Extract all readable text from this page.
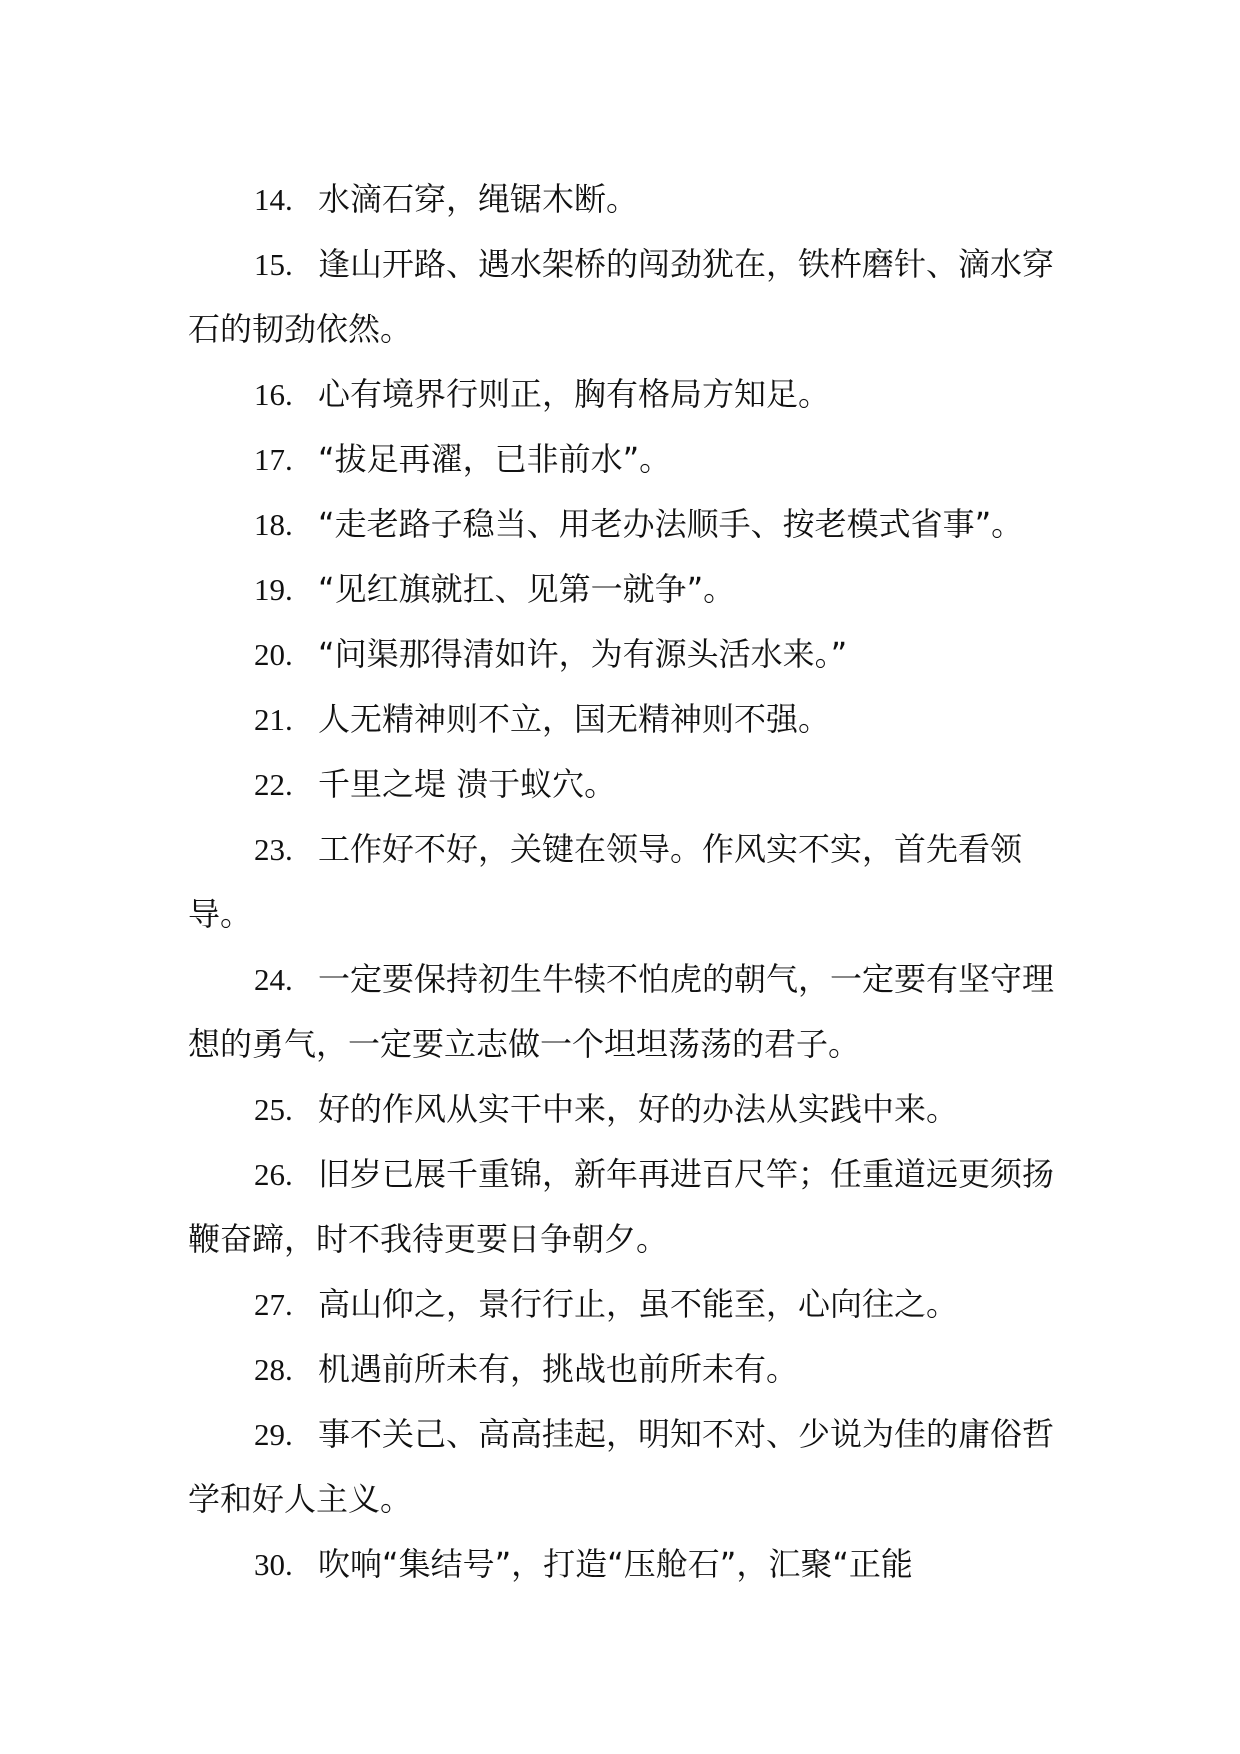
14. 水滴石穿，绳锯木断。

15. 逢山开路、遇水架桥的闯劲犹在，铁杵磨针、滴水穿石的韧劲依然。

16. 心有境界行则正，胸有格局方知足。

17. “拔足再濯，已非前水”。

18. “走老路子稳当、用老办法顺手、按老模式省事”。

19. “见红旗就扛、见第一就争”。

20. “问渠那得清如许，为有源头活水来。”

21. 人无精神则不立，国无精神则不强。

22. 千里之堤 溃于蚁穴。

23. 工作好不好，关键在领导。作风实不实，首先看领导。

24. 一定要保持初生牛犊不怕虎的朝气，一定要有坚守理想的勇气，一定要立志做一个坦坦荡荡的君子。

25. 好的作风从实干中来，好的办法从实践中来。

26. 旧岁已展千重锦，新年再进百尺竿；任重道远更须扬鞭奋蹄，时不我待更要日争朝夕。

27. 高山仰之，景行行止，虽不能至，心向往之。

28. 机遇前所未有，挑战也前所未有。

29. 事不关己、高高挂起，明知不对、少说为佳的庸俗哲学和好人主义。

30. 吹响“集结号”，打造“压舱石”，汇聚“正能
